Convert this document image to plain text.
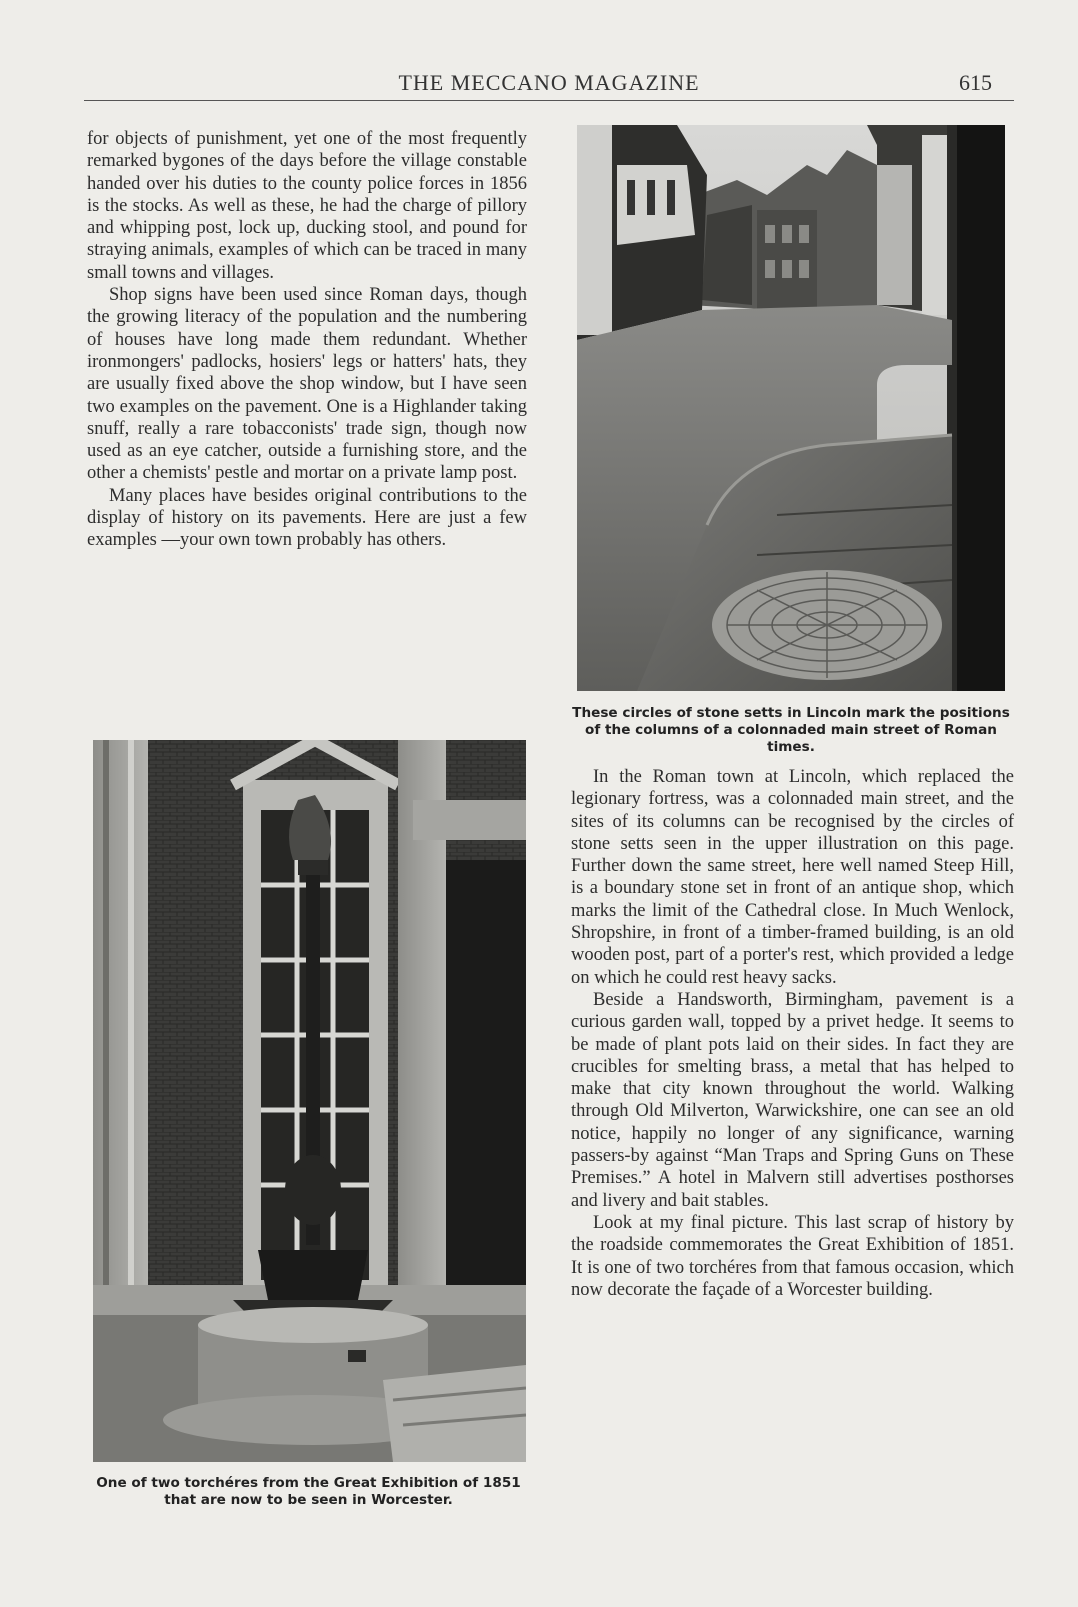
THE MECCANO MAGAZINE	615

for objects of punishment, yet one of the most frequently remarked bygones of the days before the village constable handed over his duties to the county police forces in 1856 is the stocks. As well as these, he had the charge of pillory and whipping post, lock up, ducking stool, and pound for straying animals, examples of which can be traced in many small towns and villages.

Shop signs have been used since Roman days, though the growing literacy of the population and the numbering of houses have long made them redundant. Whether ironmongers' padlocks, hosiers' legs or hatters' hats, they are usually fixed above the shop window, but I have seen two examples on the pavement. One is a Highlander taking snuff, really a rare tobacconists' trade sign, though now used as an eye catcher, outside a furnishing store, and the other a chemists' pestle and mortar on a private lamp post.

Many places have besides original contributions to the display of history on its pavements. Here are just a few examples —your own town probably has others.

These circles of stone setts in Lincoln mark the positions of the columns of a colonnaded main street of Roman times.

In the Roman town at Lincoln, which replaced the legionary fortress, was a colonnaded main street, and the sites of its columns can be recognised by the circles of stone setts seen in the upper illustration on this page. Further down the same street, here well named Steep Hill, is a boundary stone set in front of an antique shop, which marks the limit of the Cathedral close. In Much Wenlock, Shropshire, in front of a timber-framed building, is an old wooden post, part of a porter's rest, which provided a ledge on which he could rest heavy sacks.

Beside a Handsworth, Birmingham, pavement is a curious garden wall, topped by a privet hedge. It seems to be made of plant pots laid on their sides. In fact they are crucibles for smelting brass, a metal that has helped to make that city known throughout the world. Walking through Old Milverton, Warwickshire, one can see an old notice, happily no longer of any significance, warning passers-by against “Man Traps and Spring Guns on These Premises.” A hotel in Malvern still advertises posthorses and livery and bait stables.

Look at my final picture. This last scrap of history by the roadside commemorates the Great Exhibition of 1851. It is one of two torchéres from that famous occasion, which now decorate the façade of a Worcester building.

One of two torchéres from the Great Exhibition of 1851 that are now to be seen in Worcester.
